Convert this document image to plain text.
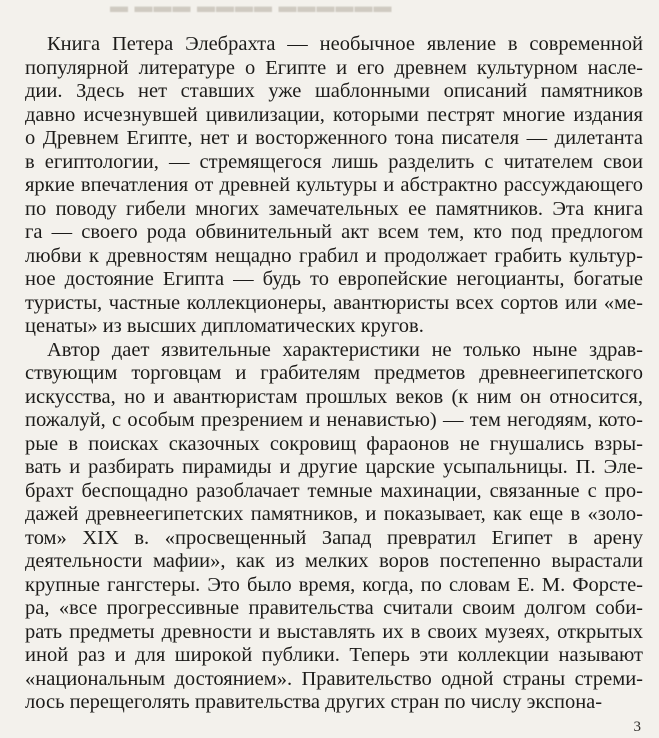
▬ ▬▬▬ ▬▬▬▬ ▬▬▬▬▬▬
Книга Петера Элебрахта — необычное явление в современной
популярной литературе о Египте и его древнем культурном насле-
дии. Здесь нет ставших уже шаблонными описаний памятников
давно исчезнувшей цивилизации, которыми пестрят многие издания
о Древнем Египте, нет и восторженного тона писателя — дилетанта
в египтологии, — стремящегося лишь разделить с читателем свои
яркие впечатления от древней культуры и абстрактно рассуждающего
по поводу гибели многих замечательных ее памятников. Эта книга
га — своего рода обвинительный акт всем тем, кто под предлогом
любви к древностям нещадно грабил и продолжает грабить культур-
ное достояние Египта — будь то европейские негоцианты, богатые
туристы, частные коллекционеры, авантюристы всех сортов или «ме-
ценаты» из высших дипломатических кругов.
Автор дает язвительные характеристики не только ныне здрав-
ствующим торговцам и грабителям предметов древнеегипетского
искусства, но и авантюристам прошлых веков (к ним он относится,
пожалуй, с особым презрением и ненавистью) — тем негодяям, кото-
рые в поисках сказочных сокровищ фараонов не гнушались взры-
вать и разбирать пирамиды и другие царские усыпальницы. П. Эле-
брахт беспощадно разоблачает темные махинации, связанные с про-
дажей древнеегипетских памятников, и показывает, как еще в «золо-
том» XIX в. «просвещенный Запад превратил Египет в арену
деятельности мафии», как из мелких воров постепенно вырастали
крупные гангстеры. Это было время, когда, по словам Е. М. Форсте-
ра, «все прогрессивные правительства считали своим долгом соби-
рать предметы древности и выставлять их в своих музеях, открытых
иной раз и для широкой публики. Теперь эти коллекции называют
«национальным достоянием». Правительство одной страны стреми-
лось перещеголять правительства других стран по числу экспона-
3
